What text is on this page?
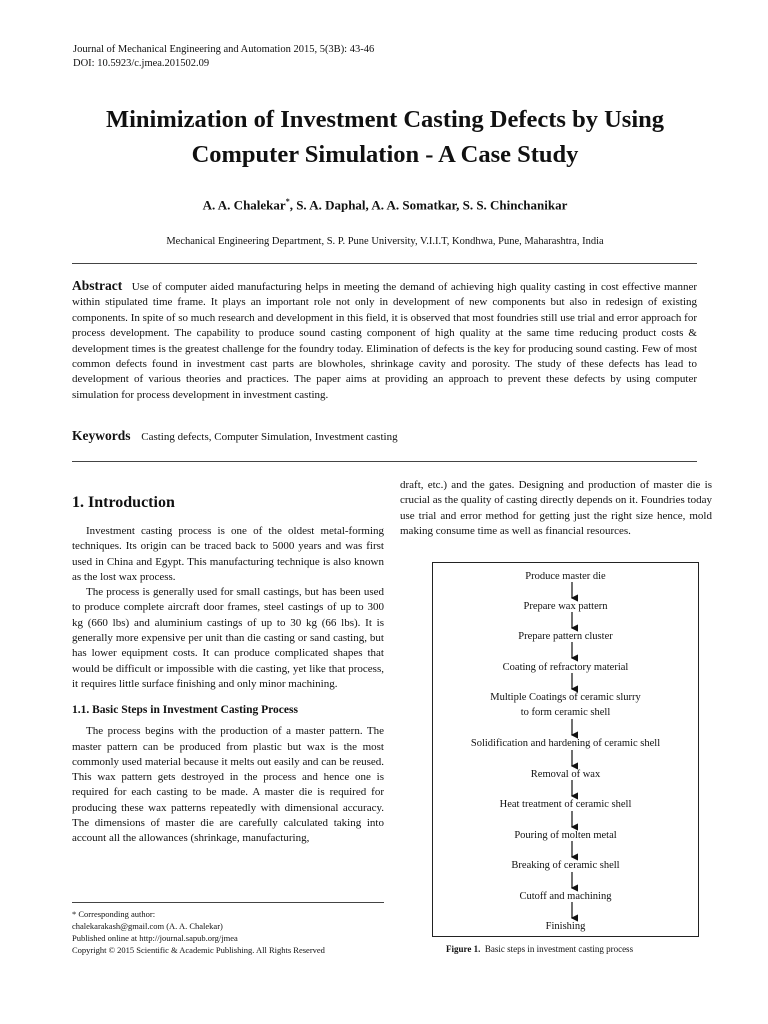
Journal of Mechanical Engineering and Automation 2015, 5(3B): 43-46
DOI: 10.5923/c.jmea.201502.09
Minimization of Investment Casting Defects by Using
Computer Simulation - A Case Study
A. A. Chalekar*, S. A. Daphal, A. A. Somatkar, S. S. Chinchanikar
Mechanical Engineering Department, S. P. Pune University, V.I.I.T, Kondhwa, Pune, Maharashtra, India
Abstract Use of computer aided manufacturing helps in meeting the demand of achieving high quality casting in cost effective manner within stipulated time frame. It plays an important role not only in development of new components but also in redesign of existing components. In spite of so much research and development in this field, it is observed that most foundries still use trial and error approach for process development. The capability to produce sound casting component of high quality at the same time reducing product costs & development times is the greatest challenge for the foundry today. Elimination of defects is the key for producing sound casting. Few of most common defects found in investment cast parts are blowholes, shrinkage cavity and porosity. The study of these defects has lead to development of various theories and practices. The paper aims at providing an approach to prevent these defects by using computer simulation for process development in investment casting.
Keywords Casting defects, Computer Simulation, Investment casting
1. Introduction

Investment casting process is one of the oldest metal-forming techniques. Its origin can be traced back to 5000 years and was first used in China and Egypt. This manufacturing technique is also known as the lost wax process.

The process is generally used for small castings, but has been used to produce complete aircraft door frames, steel castings of up to 300 kg (660 lbs) and aluminium castings of up to 30 kg (66 lbs). It is generally more expensive per unit than die casting or sand casting, but has lower equipment costs. It can produce complicated shapes that would be difficult or impossible with die casting, yet like that process, it requires little surface finishing and only minor machining.

1.1. Basic Steps in Investment Casting Process

The process begins with the production of a master pattern. The master pattern can be produced from plastic but wax is the most commonly used material because it melts out easily and can be reused. This wax pattern gets destroyed in the process and hence one is required for each casting to be made. A master die is required for producing these wax patterns repeatedly with dimensional accuracy. The dimensions of master die are carefully calculated taking into account all the allowances (shrinkage, manufacturing,

draft, etc.) and the gates. Designing and production of master die is crucial as the quality of casting directly depends on it. Foundries today use trial and error method for getting just the right size hence, mold making consume time as well as financial resources.
* Corresponding author:
chalekarakash@gmail.com (A. A. Chalekar)
Published online at http://journal.sapub.org/jmea
Copyright © 2015 Scientific & Academic Publishing. All Rights Reserved
Produce master die
Prepare wax pattern
Prepare pattern cluster
Coating of refractory material
Multiple Coatings of ceramic slurry
to form ceramic shell
Solidification and hardening of ceramic shell
Removal of wax
Heat treatment of ceramic shell
Pouring of molten metal
Breaking of ceramic shell
Cutoff and machining
Finishing
Figure 1. Basic steps in investment casting process
